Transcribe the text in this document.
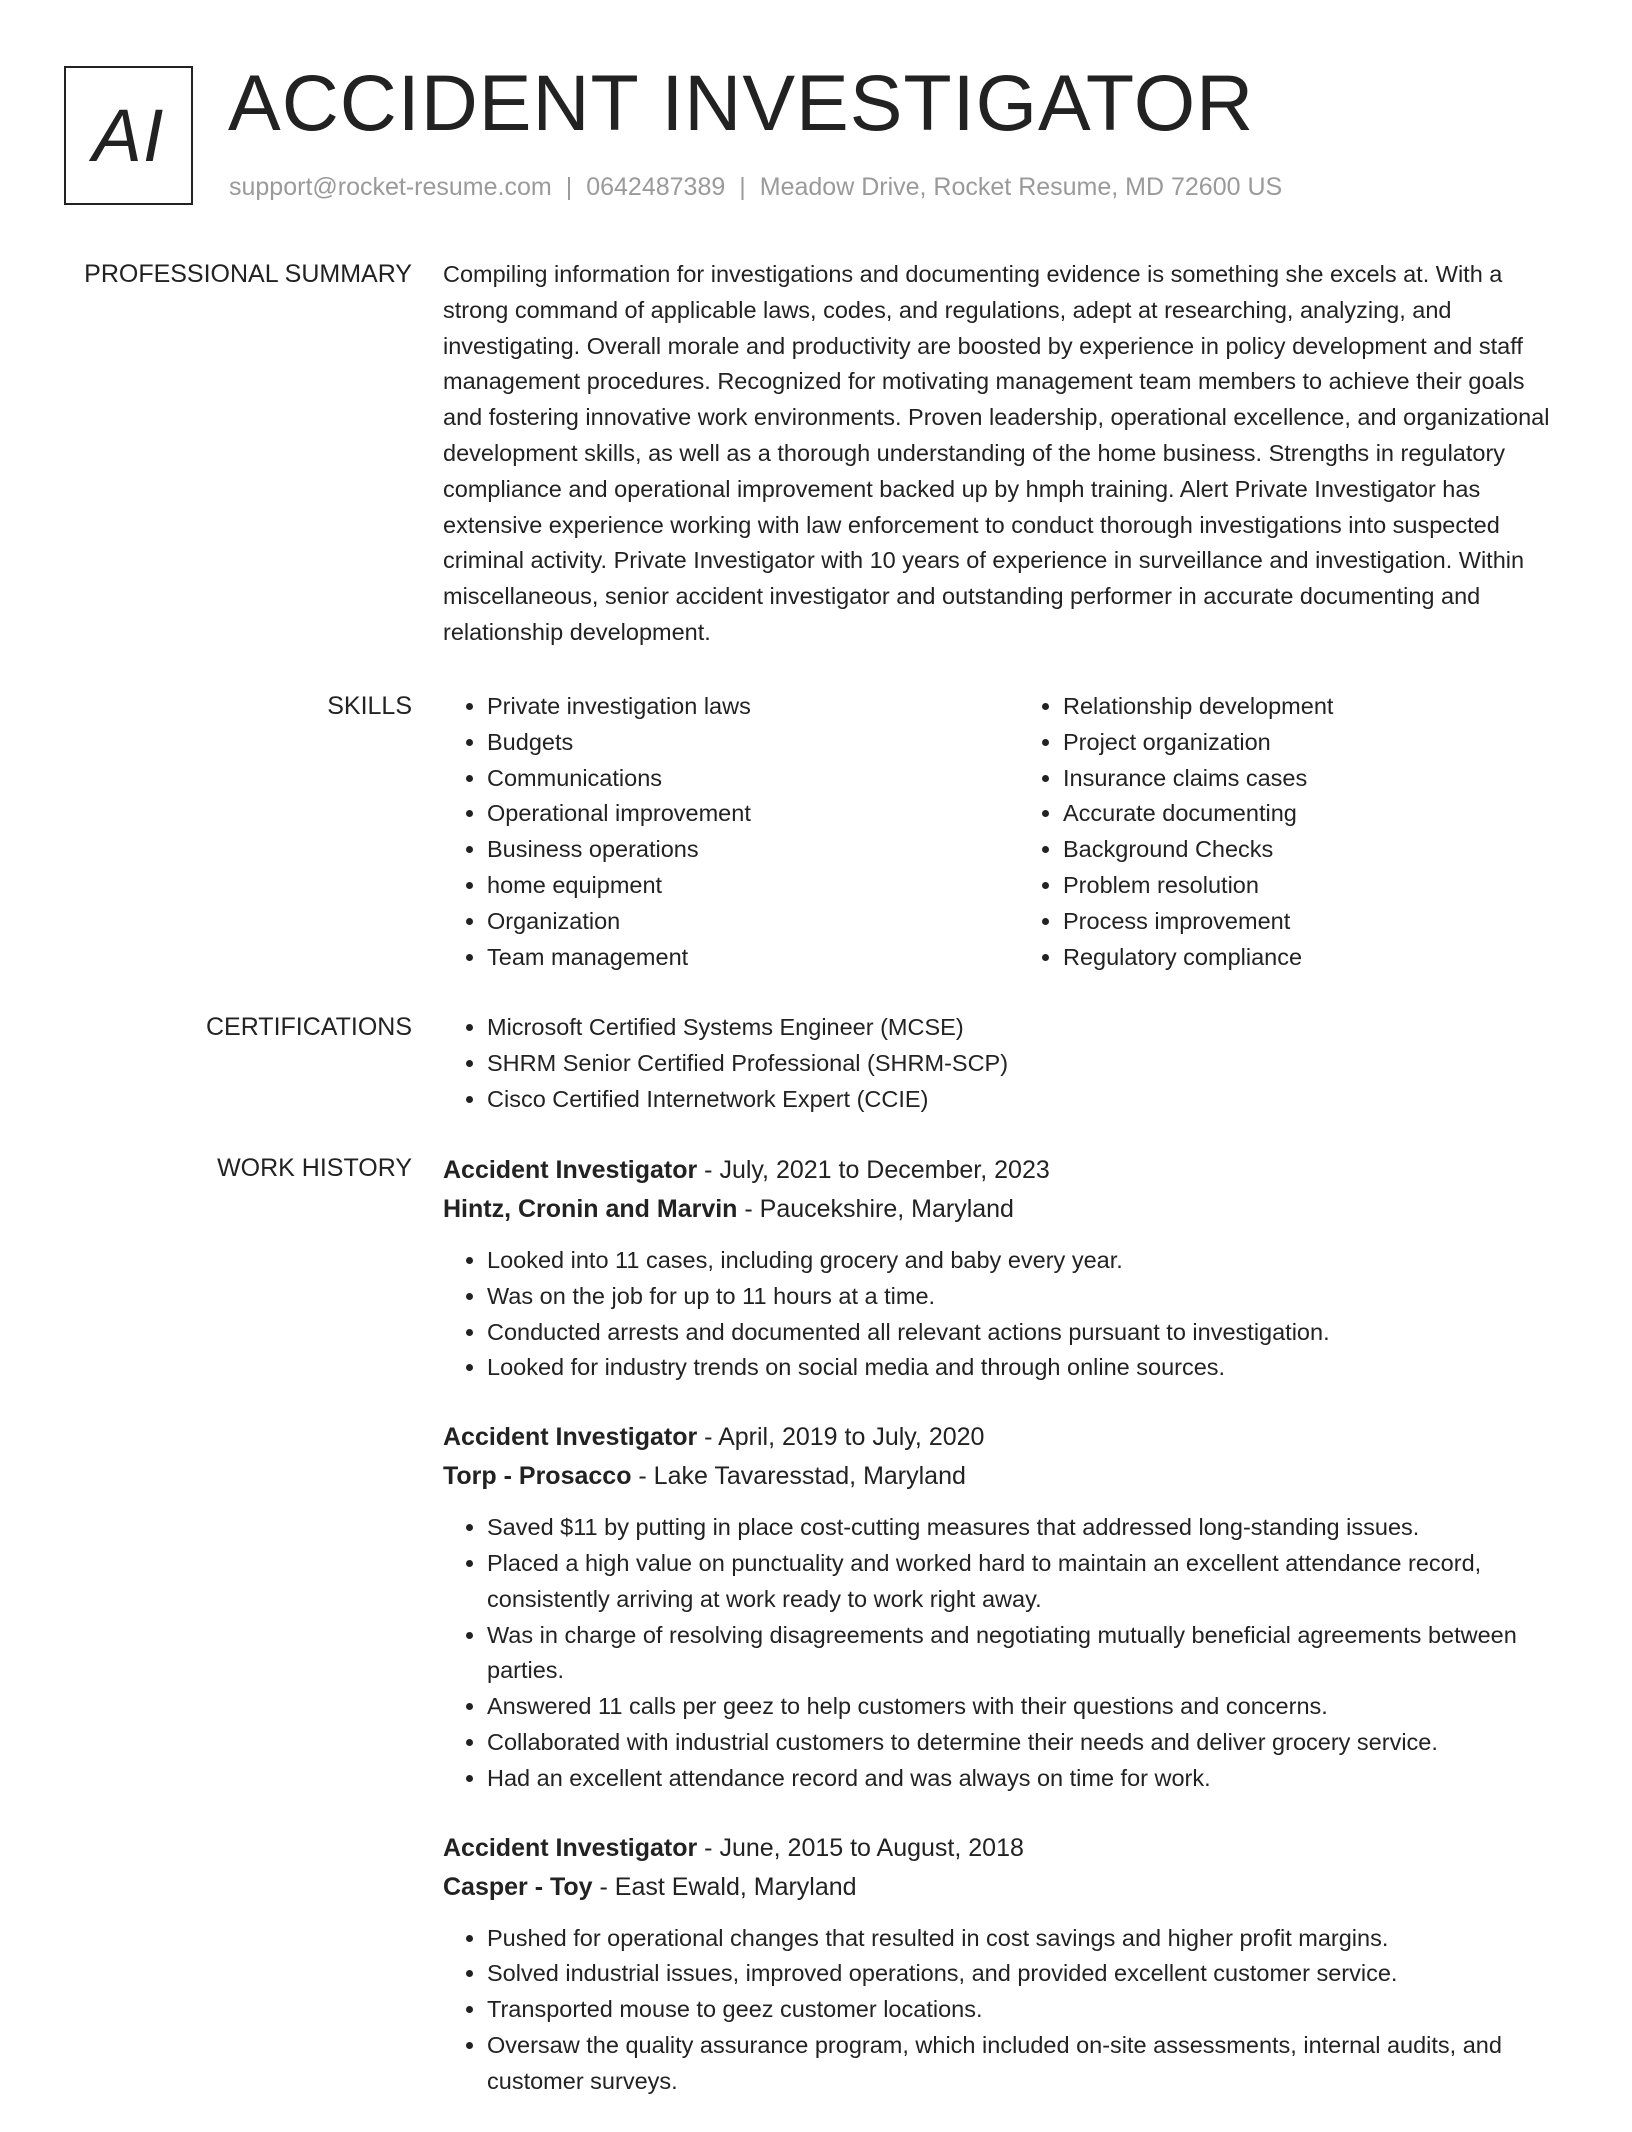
AI ACCIDENT INVESTIGATOR
support@rocket-resume.com | 0642487389 | Meadow Drive, Rocket Resume, MD 72600 US
PROFESSIONAL SUMMARY Compiling information for investigations and documenting evidence is something she excels at. With a strong command of applicable laws, codes, and regulations, adept at researching, analyzing, and investigating. Overall morale and productivity are boosted by experience in policy development and staff management procedures. Recognized for motivating management team members to achieve their goals and fostering innovative work environments. Proven leadership, operational excellence, and organizational development skills, as well as a thorough understanding of the home business. Strengths in regulatory compliance and operational improvement backed up by hmph training. Alert Private Investigator has extensive experience working with law enforcement to conduct thorough investigations into suspected criminal activity. Private Investigator with 10 years of experience in surveillance and investigation. Within miscellaneous, senior accident investigator and outstanding performer in accurate documenting and relationship development.

SKILLS	• Private investigation laws
• Budgets
• Communications
• Operational improvement
• Business operations
• home equipment
• Organization
• Team management
• Relationship development
• Project organization
• Insurance claims cases
• Accurate documenting
• Background Checks
• Problem resolution
• Process improvement
• Regulatory compliance
CERTIFICATIONS	• Microsoft Certified Systems Engineer (MCSE)
• SHRM Senior Certified Professional (SHRM-SCP)
• Cisco Certified Internetwork Expert (CCIE)
WORK HISTORY Accident Investigator - July, 2021 to December, 2023
Hintz, Cronin and Marvin - Paucekshire, Maryland
• Looked into 11 cases, including grocery and baby every year.
• Was on the job for up to 11 hours at a time.
• Conducted arrests and documented all relevant actions pursuant to investigation.
• Looked for industry trends on social media and through online sources.
Accident Investigator - April, 2019 to July, 2020
Torp - Prosacco - Lake Tavaresstad, Maryland
• Saved $11 by putting in place cost-cutting measures that addressed long-standing issues.
• Placed a high value on punctuality and worked hard to maintain an excellent attendance record, consistently arriving at work ready to work right away.
• Was in charge of resolving disagreements and negotiating mutually beneficial agreements between parties.
• Answered 11 calls per geez to help customers with their questions and concerns.
• Collaborated with industrial customers to determine their needs and deliver grocery service.
• Had an excellent attendance record and was always on time for work.
Accident Investigator - June, 2015 to August, 2018
Casper - Toy - East Ewald, Maryland
• Pushed for operational changes that resulted in cost savings and higher profit margins.
• Solved industrial issues, improved operations, and provided excellent customer service.
• Transported mouse to geez customer locations.
• Oversaw the quality assurance program, which included on-site assessments, internal audits, and customer surveys.
